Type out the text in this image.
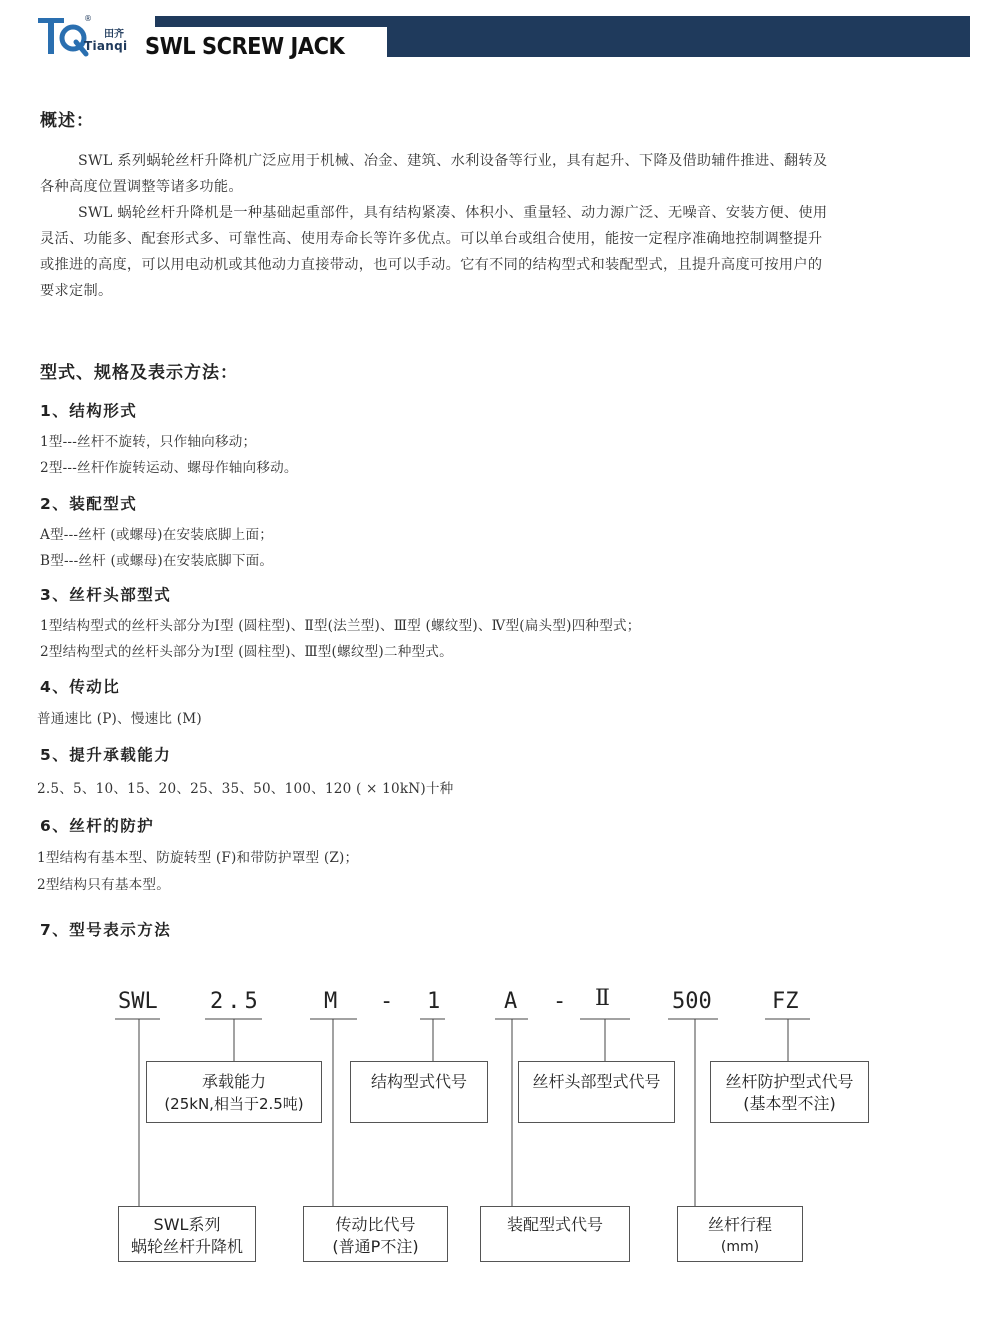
®
田齐
Tianqi SWL SCREW JACK
概述：
SWL 系列蜗轮丝杆升降机广泛应用于机械、冶金、建筑、水利设备等行业，具有起升、下降及借助辅件推进、翻转及
各种高度位置调整等诸多功能。
SWL 蜗轮丝杆升降机是一种基础起重部件，具有结构紧凑、体积小、重量轻、动力源广泛、无噪音、安装方便、使用
灵活、功能多、配套形式多、可靠性高、使用寿命长等许多优点。可以单台或组合使用，能按一定程序准确地控制调整提升
或推进的高度，可以用电动机或其他动力直接带动，也可以手动。它有不同的结构型式和装配型式，且提升高度可按用户的
要求定制。
型式、规格及表示方法：
1、结构形式
1型---丝杆不旋转，只作轴向移动；
2型---丝杆作旋转运动、螺母作轴向移动。
2、装配型式
A型---丝杆 (或螺母)在安装底脚上面；
B型---丝杆 (或螺母)在安装底脚下面。
3、丝杆头部型式
1型结构型式的丝杆头部分为Ⅰ型 (圆柱型)、Ⅱ型(法兰型)、Ⅲ型 (螺纹型)、Ⅳ型(扁头型)四种型式；
2型结构型式的丝杆头部分为Ⅰ型 (圆柱型)、Ⅲ型(螺纹型)二种型式。
4、传动比
普通速比 (P)、慢速比 (M)
5、提升承载能力
2.5、5、10、15、20、25、35、50、100、120 ( × 10kN)十种
6、丝杆的防护
1型结构有基本型、防旋转型 (F)和带防护罩型 (Z)；
2型结构只有基本型。
7、型号表示方法
SWL 2.5	M - 1	A - Ⅱ	500	FZ
承载能力
(25kN,相当于2.5吨)
结构型式代号	丝杆头部型式代号	丝杆防护型式代号
(基本型不注)
SWL系列
蜗轮丝杆升降机
传动比代号
(普通P不注)
装配型式代号	丝杆行程
(mm)
